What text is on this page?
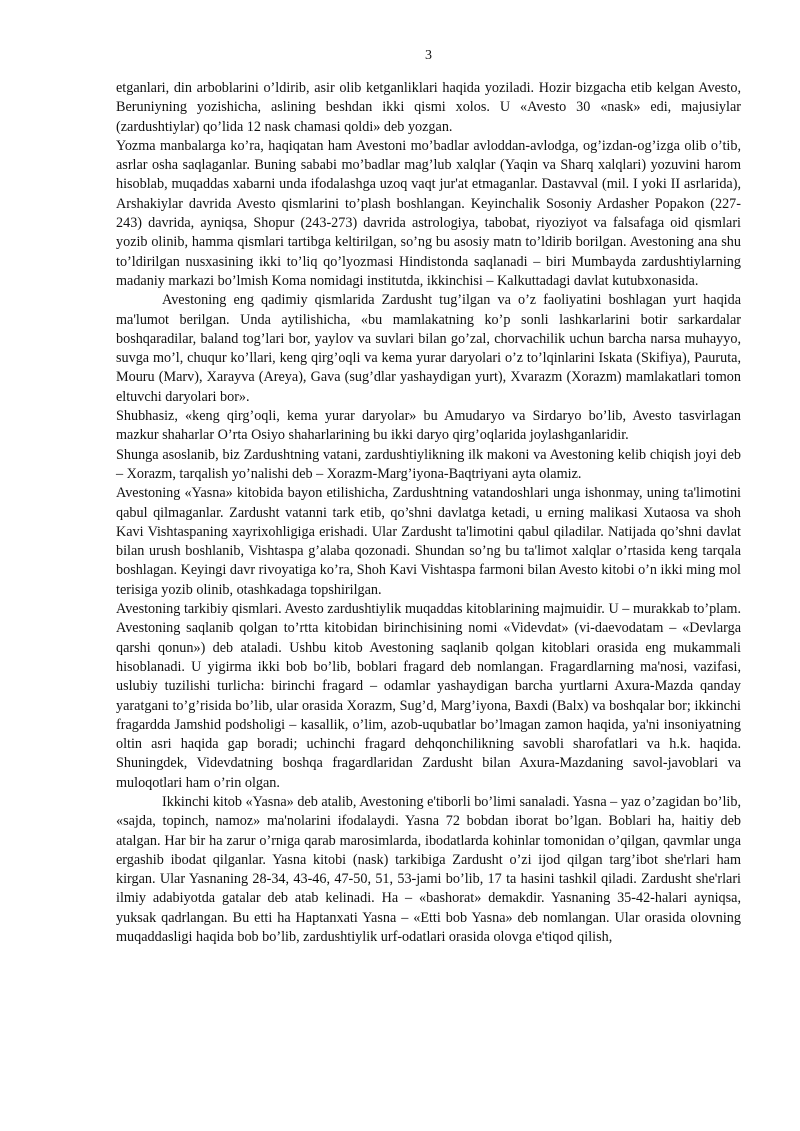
3

etganlari, din arboblarini o’ldirib, asir olib ketganliklari haqida yoziladi. Hozir bizgacha etib kelgan Avesto, Beruniyning yozishicha, aslining beshdan ikki qismi xolos. U «Avesto 30 «nask» edi, majusiylar (zardushtiylar) qo’lida 12 nask chamasi qoldi» deb yozgan.

Yozma manbalarga ko’ra, haqiqatan ham Avestoni mo’badlar avloddan-avlodga, og’izdan-og’izga olib o’tib, asrlar osha saqlaganlar. Buning sababi mo’badlar mag’lub xalqlar (Yaqin va Sharq xalqlari) yozuvini harom hisoblab, muqaddas xabarni unda ifodalashga uzoq vaqt jur'at etmaganlar. Dastavval (mil. I yoki II asrlarida), Arshakiylar davrida Avesto qismlarini to’plash boshlangan. Keyinchalik Sosoniy Ardasher Popakon (227-243) davrida, ayniqsa, Shopur (243-273) davrida astrologiya, tabobat, riyoziyot va falsafaga oid qismlari yozib olinib, hamma qismlari tartibga keltirilgan, so’ng bu asosiy matn to’ldirib borilgan. Avestoning ana shu to’ldirilgan nusxasining ikki to’liq qo’lyozmasi Hindistonda saqlanadi – biri Mumbayda zardushtiylarning madaniy markazi bo’lmish Koma nomidagi institutda, ikkinchisi – Kalkuttadagi davlat kutubxonasida.

Avestoning eng qadimiy qismlarida Zardusht tug’ilgan va o’z faoliyatini boshlagan yurt haqida ma'lumot berilgan. Unda aytilishicha, «bu mamlakatning ko’p sonli lashkarlarini botir sarkardalar boshqaradilar, baland tog’lari bor, yaylov va suvlari bilan go’zal, chorvachilik uchun barcha narsa muhayyo, suvga mo’l, chuqur ko’llari, keng qirg’oqli va kema yurar daryolari o’z to’lqinlarini Iskata (Skifiya), Pauruta, Mouru (Marv), Xarayva (Areya), Gava (sug’dlar yashaydigan yurt), Xvarazm (Xorazm) mamlakatlari tomon eltuvchi daryolari bor».

Shubhasiz, «keng qirg’oqli, kema yurar daryolar» bu Amudaryo va Sirdaryo bo’lib, Avesto tasvirlagan mazkur shaharlar O’rta Osiyo shaharlarining bu ikki daryo qirg’oqlarida joylashganlaridir.

Shunga asoslanib, biz Zardushtning vatani, zardushtiylikning ilk makoni va Avestoning kelib chiqish joyi deb – Xorazm, tarqalish yo’nalishi deb – Xorazm-Marg’iyona-Baqtriyani ayta olamiz.

Avestoning «Yasna» kitobida bayon etilishicha, Zardushtning vatandoshlari unga ishonmay, uning ta'limotini qabul qilmaganlar. Zardusht vatanni tark etib, qo’shni davlatga ketadi, u erning malikasi Xutaosa va shoh Kavi Vishtaspaning xayrixohligiga erishadi. Ular Zardusht ta'limotini qabul qiladilar. Natijada qo’shni davlat bilan urush boshlanib, Vishtaspa g’alaba qozonadi. Shundan so’ng bu ta'limot xalqlar o’rtasida keng tarqala boshlagan. Keyingi davr rivoyatiga ko’ra, Shoh Kavi Vishtaspa farmoni bilan Avesto kitobi o’n ikki ming mol terisiga yozib olinib, otashkadaga topshirilgan.

Avestoning tarkibiy qismlari. Avesto zardushtiylik muqaddas kitoblarining majmuidir. U – murakkab to’plam. Avestoning saqlanib qolgan to’rtta kitobidan birinchisining nomi «Videvdat» (vi-daevodatam – «Devlarga qarshi qonun») deb ataladi. Ushbu kitob Avestoning saqlanib qolgan kitoblari orasida eng mukammali hisoblanadi. U yigirma ikki bob bo’lib, boblari fragard deb nomlangan. Fragardlarning ma'nosi, vazifasi, uslubiy tuzilishi turlicha: birinchi fragard – odamlar yashaydigan barcha yurtlarni Axura-Mazda qanday yaratgani to’g’risida bo’lib, ular orasida Xorazm, Sug’d, Marg’iyona, Baxdi (Balx) va boshqalar bor; ikkinchi fragardda Jamshid podsholigi – kasallik, o’lim, azob-uqubatlar bo’lmagan zamon haqida, ya'ni insoniyatning oltin asri haqida gap boradi; uchinchi fragard dehqonchilikning savobli sharofatlari va h.k. haqida. Shuningdek, Videvdatning boshqa fragardlaridan Zardusht bilan Axura-Mazdaning savol-javoblari va muloqotlari ham o’rin olgan.

Ikkinchi kitob «Yasna» deb atalib, Avestoning e'tiborli bo’limi sanaladi. Yasna – yaz o’zagidan bo’lib, «sajda, topinch, namoz» ma'nolarini ifodalaydi. Yasna 72 bobdan iborat bo’lgan. Boblari ha, haitiy deb atalgan. Har bir ha zarur o’rniga qarab marosimlarda, ibodatlarda kohinlar tomonidan o’qilgan, qavmlar unga ergashib ibodat qilganlar. Yasna kitobi (nask) tarkibiga Zardusht o’zi ijod qilgan targ’ibot she'rlari ham kirgan. Ular Yasnaning 28-34, 43-46, 47-50, 51, 53-jami bo’lib, 17 ta hasini tashkil qiladi. Zardusht she'rlari ilmiy adabiyotda gatalar deb atab kelinadi. Ha – «bashorat» demakdir. Yasnaning 35-42-halari ayniqsa, yuksak qadrlangan. Bu etti ha Haptanxati Yasna – «Etti bob Yasna» deb nomlangan. Ular orasida olovning muqaddasligi haqida bob bo’lib, zardushtiylik urf-odatlari orasida olovga e'tiqod qilish,
